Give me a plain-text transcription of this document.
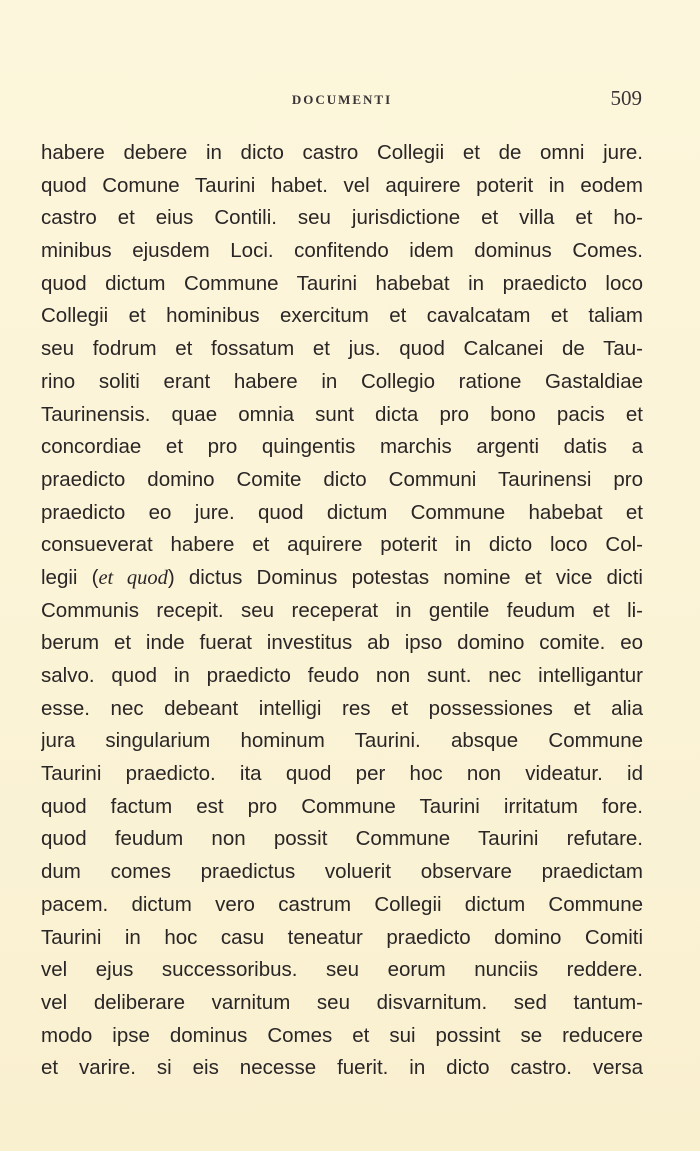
DOCUMENTI	509
habere debere in dicto castro Collegii et de omni jure.
quod Comune Taurini habet. vel aquirere poterit in eodem
castro et eius Contili. seu jurisdictione et villa et ho-
minibus ejusdem Loci. confitendo idem dominus Comes.
quod dictum Commune Taurini habebat in praedicto loco
Collegii et hominibus exercitum et cavalcatam et taliam
seu fodrum et fossatum et jus. quod Calcanei de Tau-
rino soliti erant habere in Collegio ratione Gastaldiae
Taurinensis. quae omnia sunt dicta pro bono pacis et
concordiae et pro quingentis marchis argenti datis a
praedicto domino Comite dicto Communi Taurinensi pro
praedicto eo jure. quod dictum Commune habebat et
consueverat habere et aquirere poterit in dicto loco Col-
legii (et quod) dictus Dominus potestas nomine et vice dicti
Communis recepit. seu receperat in gentile feudum et li-
berum et inde fuerat investitus ab ipso domino comite. eo
salvo. quod in praedicto feudo non sunt. nec intelligantur
esse. nec debeant intelligi res et possessiones et alia
jura singularium hominum Taurini. absque Commune
Taurini praedicto. ita quod per hoc non videatur. id
quod factum est pro Commune Taurini irritatum fore.
quod feudum non possit Commune Taurini refutare.
dum comes praedictus voluerit observare praedictam
pacem. dictum vero castrum Collegii dictum Commune
Taurini in hoc casu teneatur praedicto domino Comiti
vel ejus successoribus. seu eorum nunciis reddere.
vel deliberare varnitum seu disvarnitum. sed tantum-
modo ipse dominus Comes et sui possint se reducere
et varire. si eis necesse fuerit. in dicto castro. versa
